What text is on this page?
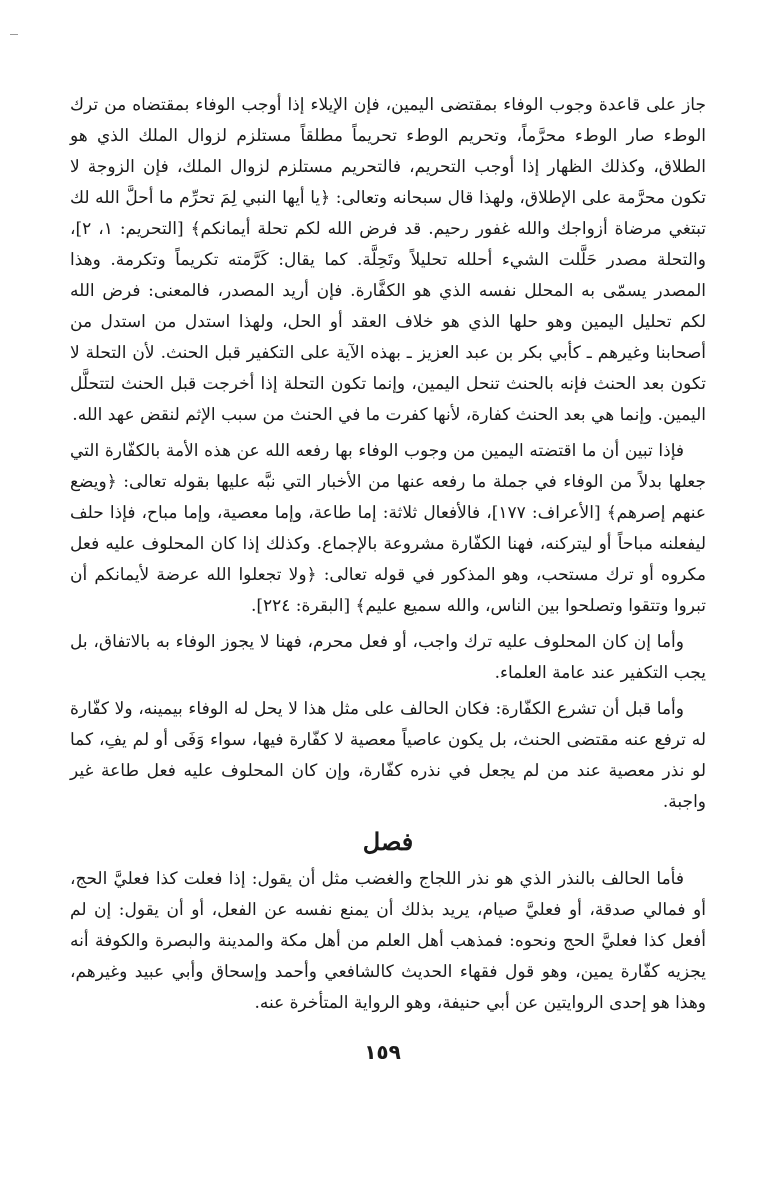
جاز على قاعدة وجوب الوفاء بمقتضى اليمين، فإن الإيلاء إذا أوجب الوفاء بمقتضاه من ترك الوطء صار الوطء محرَّماً، وتحريم الوطء تحريماً مطلقاً مستلزم لزوال الملك الذي هو الطلاق، وكذلك الظهار إذا أوجب التحريم، فالتحريم مستلزم لزوال الملك، فإن الزوجة لا تكون محرَّمة على الإطلاق، ولهذا قال سبحانه وتعالى: ﴿يا أيها النبي لِمَ تحرِّم ما أحلَّ الله لك تبتغي مرضاة أزواجك والله غفور رحيم. قد فرض الله لكم تحلة أيمانكم﴾ [التحريم: ١، ٢]، والتحلة مصدر حَلَّلت الشيء أحلله تحليلاً وتَحِلَّة. كما يقال: كَرَّمته تكريماً وتكرمة. وهذا المصدر يسمّى به المحلل نفسه الذي هو الكفَّارة. فإن أريد المصدر، فالمعنى: فرض الله لكم تحليل اليمين وهو حلها الذي هو خلاف العقد أو الحل، ولهذا استدل من استدل من أصحابنا وغيرهم ـ كأبي بكر بن عبد العزيز ـ بهذه الآية على التكفير قبل الحنث. لأن التحلة لا تكون بعد الحنث فإنه بالحنث تنحل اليمين، وإنما تكون التحلة إذا أخرجت قبل الحنث لتتحلَّل اليمين. وإنما هي بعد الحنث كفارة، لأنها كفرت ما في الحنث من سبب الإثم لنقض عهد الله.

فإذا تبين أن ما اقتضته اليمين من وجوب الوفاء بها رفعه الله عن هذه الأمة بالكفّارة التي جعلها بدلاً من الوفاء في جملة ما رفعه عنها من الأخبار التي نبَّه عليها بقوله تعالى: ﴿ويضع عنهم إصرهم﴾ [الأعراف: ١٧٧]، فالأفعال ثلاثة: إما طاعة، وإما معصية، وإما مباح، فإذا حلف ليفعلنه مباحاً أو ليتركنه، فهنا الكفّارة مشروعة بالإجماع. وكذلك إذا كان المحلوف عليه فعل مكروه أو ترك مستحب، وهو المذكور في قوله تعالى: ﴿ولا تجعلوا الله عرضة لأيمانكم أن تبروا وتتقوا وتصلحوا بين الناس، والله سميع عليم﴾ [البقرة: ٢٢٤].

وأما إن كان المحلوف عليه ترك واجب، أو فعل محرم، فهنا لا يجوز الوفاء به بالاتفاق، بل يجب التكفير عند عامة العلماء.

وأما قبل أن تشرع الكفّارة: فكان الحالف على مثل هذا لا يحل له الوفاء بيمينه، ولا كفّارة له ترفع عنه مقتضى الحنث، بل يكون عاصياً معصية لا كفّارة فيها، سواء وَفَى أو لم يفِ، كما لو نذر معصية عند من لم يجعل في نذره كفّارة، وإن كان المحلوف عليه فعل طاعة غير واجبة.

فصل

فأما الحالف بالنذر الذي هو نذر اللجاج والغضب مثل أن يقول: إذا فعلت كذا فعليَّ الحج، أو فمالي صدقة، أو فعليَّ صيام، يريد بذلك أن يمنع نفسه عن الفعل، أو أن يقول: إن لم أفعل كذا فعليَّ الحج ونحوه: فمذهب أهل العلم من أهل مكة والمدينة والبصرة والكوفة أنه يجزيه كفّارة يمين، وهو قول فقهاء الحديث كالشافعي وأحمد وإسحاق وأبي عبيد وغيرهم، وهذا هو إحدى الروايتين عن أبي حنيفة، وهو الرواية المتأخرة عنه.

١٥٩
